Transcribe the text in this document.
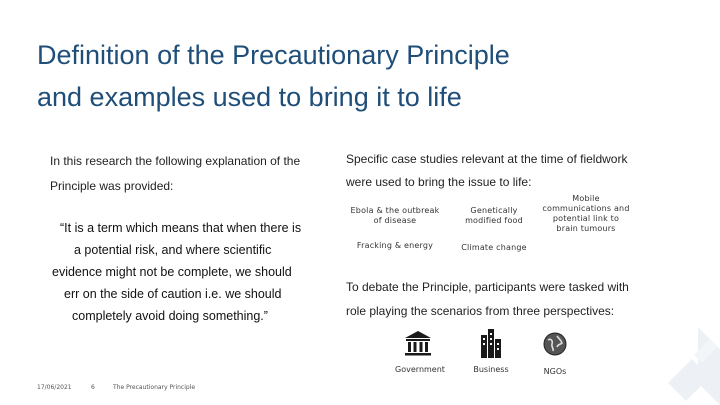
Definition of the Precautionary Principle
and examples used to bring it to life
In this research the following explanation of the
Principle was provided:
“It is a term which means that when there is
a potential risk, and where scientific
evidence might not be complete, we should
err on the side of caution i.e. we should
completely avoid doing something.”
Specific case studies relevant at the time of fieldwork
were used to bring the issue to life:
To debate the Principle, participants were tasked with
role playing the scenarios from three perspectives:
Ebola & the outbreak
of disease
Genetically
modified food
Mobile
communications and
potential link to
brain tumours
Fracking & energy	Climate change
Government	Business	NGOs
17/06/2021	6	The Precautionary Principle
